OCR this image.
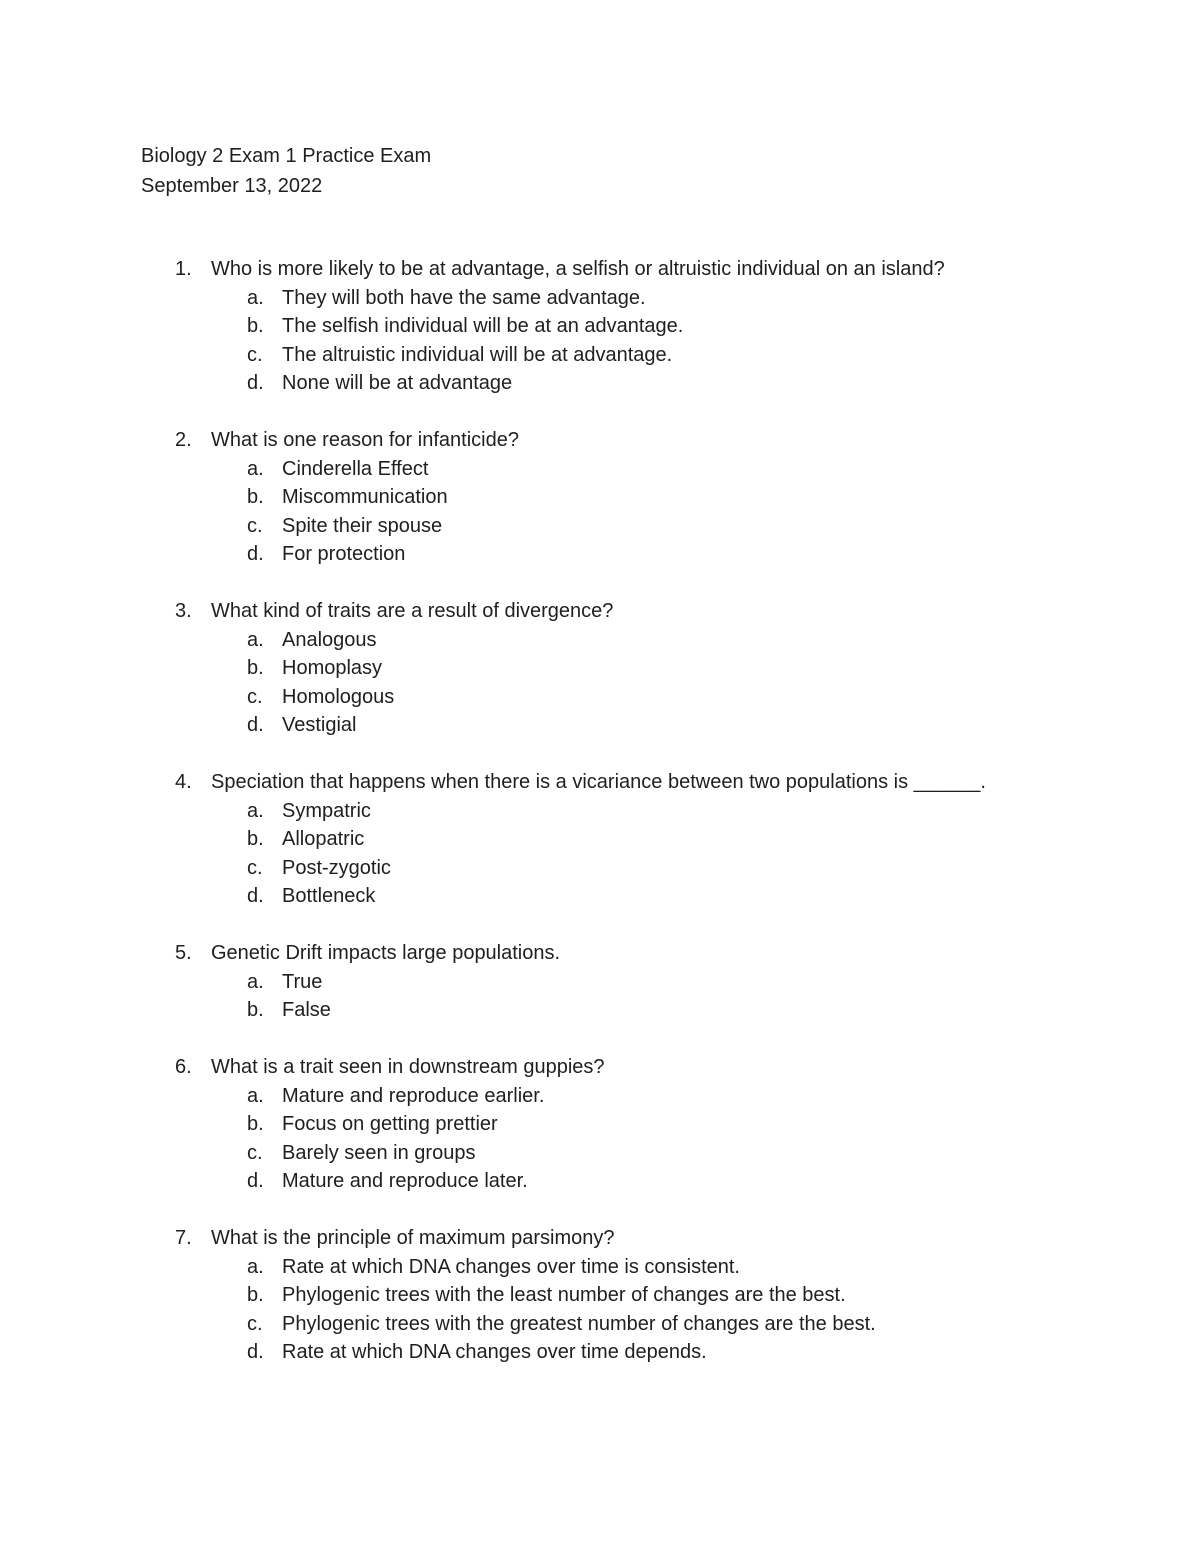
Biology 2 Exam 1 Practice Exam
September 13, 2022
1. Who is more likely to be at advantage, a selfish or altruistic individual on an island?
a. They will both have the same advantage.
b. The selfish individual will be at an advantage.
c. The altruistic individual will be at advantage.
d. None will be at advantage
2. What is one reason for infanticide?
a. Cinderella Effect
b. Miscommunication
c. Spite their spouse
d. For protection
3. What kind of traits are a result of divergence?
a. Analogous
b. Homoplasy
c. Homologous
d. Vestigial
4. Speciation that happens when there is a vicariance between two populations is ______.
a. Sympatric
b. Allopatric
c. Post-zygotic
d. Bottleneck
5. Genetic Drift impacts large populations.
a. True
b. False
6. What is a trait seen in downstream guppies?
a. Mature and reproduce earlier.
b. Focus on getting prettier
c. Barely seen in groups
d. Mature and reproduce later.
7. What is the principle of maximum parsimony?
a. Rate at which DNA changes over time is consistent.
b. Phylogenic trees with the least number of changes are the best.
c. Phylogenic trees with the greatest number of changes are the best.
d. Rate at which DNA changes over time depends.
